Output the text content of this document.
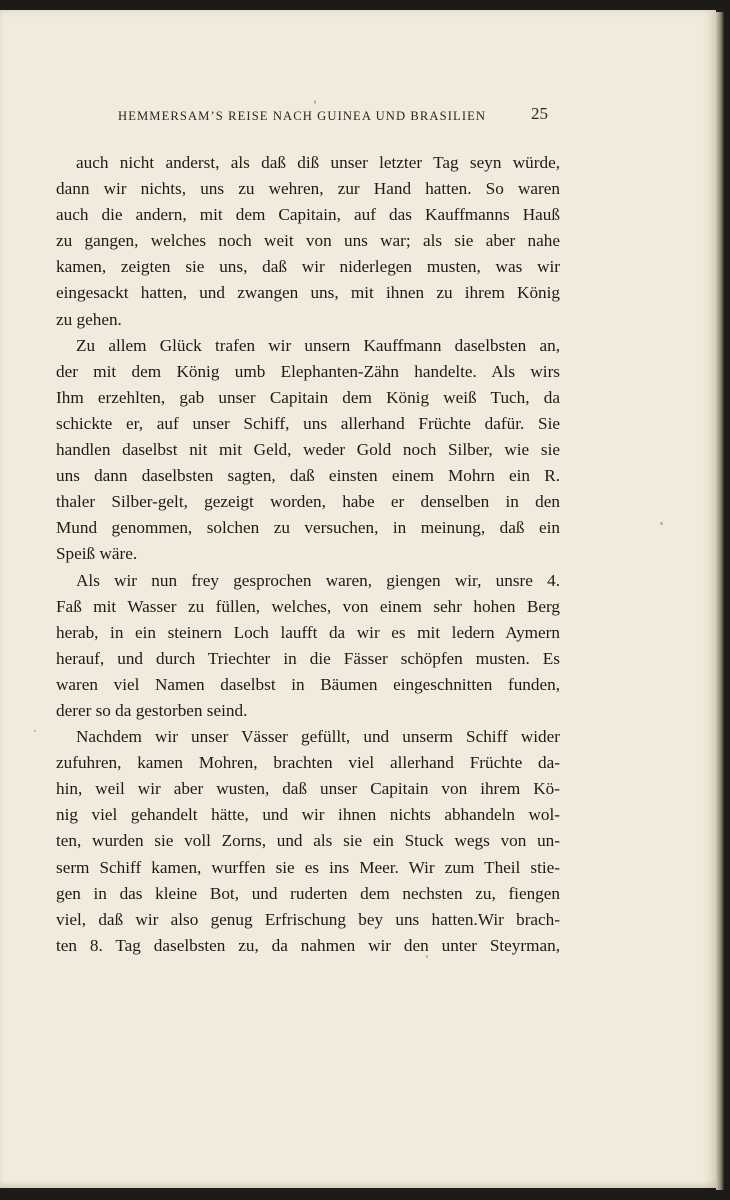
HEMMERSAM’S REISE NACH GUINEA UND BRASILIEN	25
auch nicht anderst, als daß diß unser letzter Tag seyn würde,
dann wir nichts, uns zu wehren, zur Hand hatten. So waren
auch die andern, mit dem Capitain, auf das Kauffmanns Hauß
zu gangen, welches noch weit von uns war; als sie aber nahe
kamen, zeigten sie uns, daß wir niderlegen musten, was wir
eingesackt hatten, und zwangen uns, mit ihnen zu ihrem König
zu gehen.
Zu allem Glück trafen wir unsern Kauffmann daselbsten an,
der mit dem König umb Elephanten-Zähn handelte. Als wirs
Ihm erzehlten, gab unser Capitain dem König weiß Tuch, da
schickte er, auf unser Schiff, uns allerhand Früchte dafür. Sie
handlen daselbst nit mit Geld, weder Gold noch Silber, wie sie
uns dann daselbsten sagten, daß einsten einem Mohrn ein R.
thaler Silber-gelt, gezeigt worden, habe er denselben in den
Mund genommen, solchen zu versuchen, in meinung, daß ein
Speiß wäre.
Als wir nun frey gesprochen waren, giengen wir, unsre 4.
Faß mit Wasser zu füllen, welches, von einem sehr hohen Berg
herab, in ein steinern Loch laufft da wir es mit ledern Aymern
herauf, und durch Triechter in die Fässer schöpfen musten. Es
waren viel Namen daselbst in Bäumen eingeschnitten funden,
derer so da gestorben seind.
Nachdem wir unser Vässer gefüllt, und unserm Schiff wider
zufuhren, kamen Mohren, brachten viel allerhand Früchte da-
hin, weil wir aber wusten, daß unser Capitain von ihrem Kö-
nig viel gehandelt hätte, und wir ihnen nichts abhandeln wol-
ten, wurden sie voll Zorns, und als sie ein Stuck wegs von un-
serm Schiff kamen, wurffen sie es ins Meer. Wir zum Theil stie-
gen in das kleine Bot, und ruderten dem nechsten zu, fiengen
viel, daß wir also genug Erfrischung bey uns hatten.Wir brach-
ten 8. Tag daselbsten zu, da nahmen wir den unter Steyrman,
